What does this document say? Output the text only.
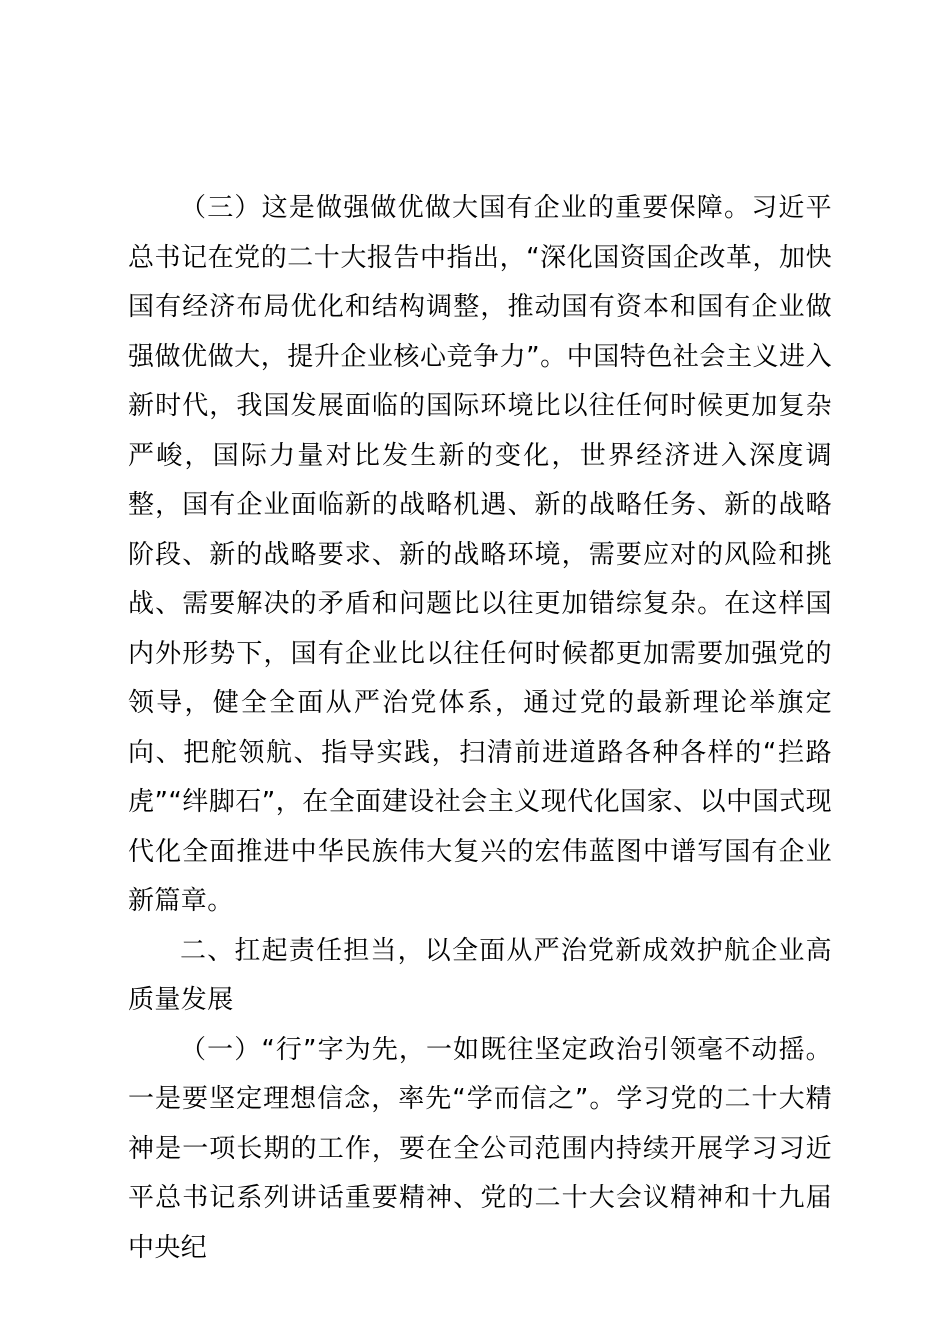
（三）这是做强做优做大国有企业的重要保障。习近平总书记在党的二十大报告中指出，“深化国资国企改革，加快国有经济布局优化和结构调整，推动国有资本和国有企业做强做优做大，提升企业核心竞争力”。中国特色社会主义进入新时代，我国发展面临的国际环境比以往任何时候更加复杂严峻，国际力量对比发生新的变化，世界经济进入深度调整，国有企业面临新的战略机遇、新的战略任务、新的战略阶段、新的战略要求、新的战略环境，需要应对的风险和挑战、需要解决的矛盾和问题比以往更加错综复杂。在这样国内外形势下，国有企业比以往任何时候都更加需要加强党的领导，健全全面从严治党体系，通过党的最新理论举旗定向、把舵领航、指导实践，扫清前进道路各种各样的“拦路虎”“绊脚石”，在全面建设社会主义现代化国家、以中国式现代化全面推进中华民族伟大复兴的宏伟蓝图中谱写国有企业新篇章。

二、扛起责任担当，以全面从严治党新成效护航企业高质量发展

（一）“行”字为先，一如既往坚定政治引领毫不动摇。一是要坚定理想信念，率先“学而信之”。学习党的二十大精神是一项长期的工作，要在全公司范围内持续开展学习习近平总书记系列讲话重要精神、党的二十大会议精神和十九届中央纪
